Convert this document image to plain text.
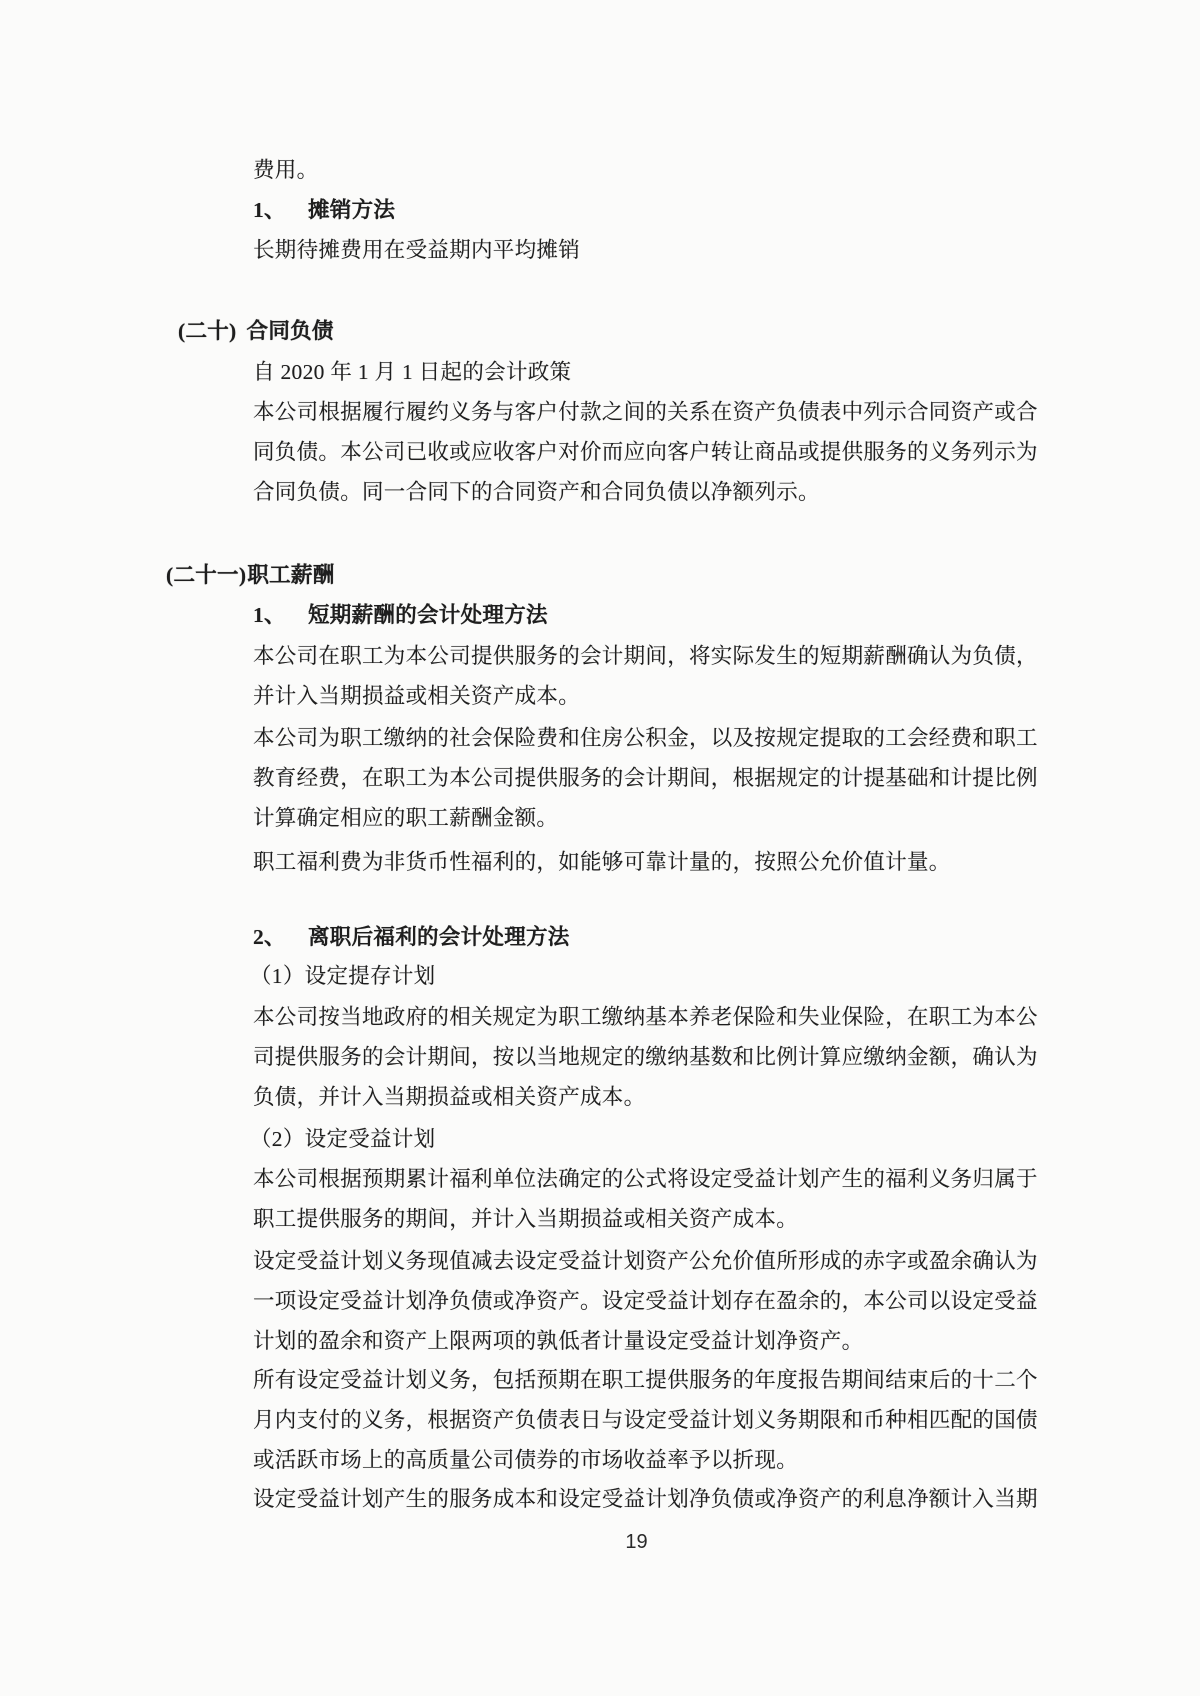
费用。
1、	摊销方法
长期待摊费用在受益期内平均摊销
(二十) 合同负债
自 2020 年 1 月 1 日起的会计政策
本公司根据履行履约义务与客户付款之间的关系在资产负债表中列示合同资产或合
同负债。本公司已收或应收客户对价而应向客户转让商品或提供服务的义务列示为
合同负债。同一合同下的合同资产和合同负债以净额列示。
(二十一) 职工薪酬
1、	短期薪酬的会计处理方法
本公司在职工为本公司提供服务的会计期间，将实际发生的短期薪酬确认为负债，
并计入当期损益或相关资产成本。
本公司为职工缴纳的社会保险费和住房公积金，以及按规定提取的工会经费和职工
教育经费，在职工为本公司提供服务的会计期间，根据规定的计提基础和计提比例
计算确定相应的职工薪酬金额。
职工福利费为非货币性福利的，如能够可靠计量的，按照公允价值计量。
2、	离职后福利的会计处理方法
（1）设定提存计划
本公司按当地政府的相关规定为职工缴纳基本养老保险和失业保险，在职工为本公
司提供服务的会计期间，按以当地规定的缴纳基数和比例计算应缴纳金额，确认为
负债，并计入当期损益或相关资产成本。
（2）设定受益计划
本公司根据预期累计福利单位法确定的公式将设定受益计划产生的福利义务归属于
职工提供服务的期间，并计入当期损益或相关资产成本。
设定受益计划义务现值减去设定受益计划资产公允价值所形成的赤字或盈余确认为
一项设定受益计划净负债或净资产。设定受益计划存在盈余的，本公司以设定受益
计划的盈余和资产上限两项的孰低者计量设定受益计划净资产。
所有设定受益计划义务，包括预期在职工提供服务的年度报告期间结束后的十二个
月内支付的义务，根据资产负债表日与设定受益计划义务期限和币种相匹配的国债
或活跃市场上的高质量公司债券的市场收益率予以折现。
设定受益计划产生的服务成本和设定受益计划净负债或净资产的利息净额计入当期
19
